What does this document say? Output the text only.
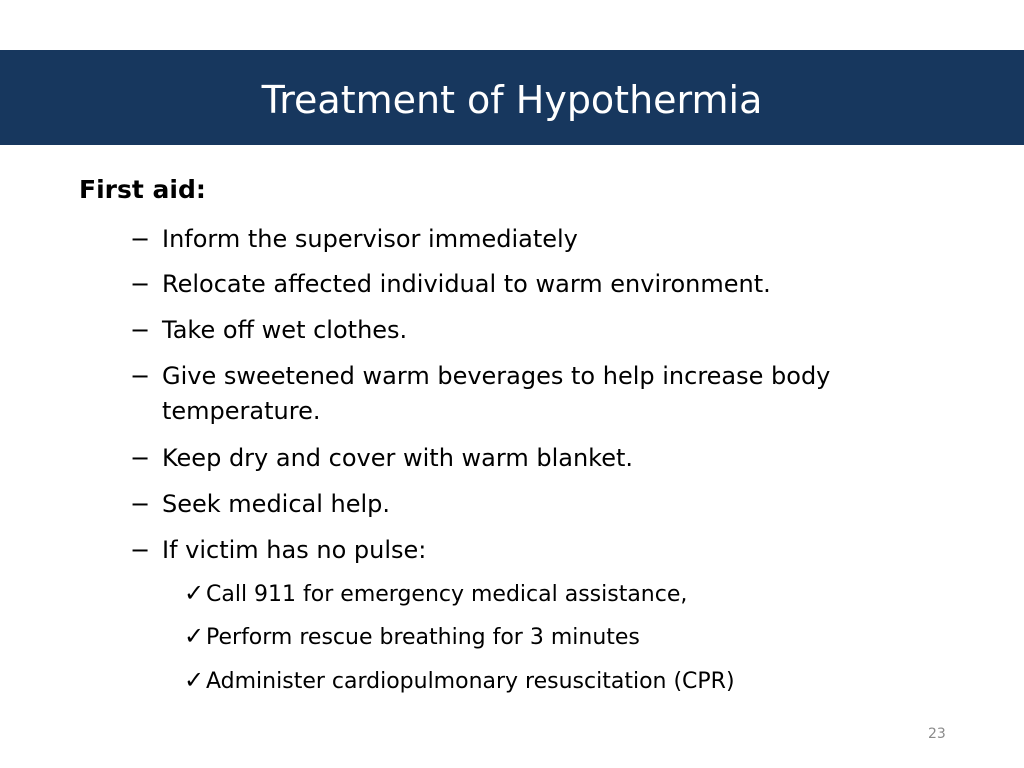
Treatment of Hypothermia
First aid:
− Inform the supervisor immediately
− Relocate affected individual to warm environment.
− Take off wet clothes.
− Give sweetened warm beverages to help increase body
temperature.
− Keep dry and cover with warm blanket.
− Seek medical help.
− If victim has no pulse:
✓ Call 911 for emergency medical assistance,
✓ Perform rescue breathing for 3 minutes
✓ Administer cardiopulmonary resuscitation (CPR)
23
